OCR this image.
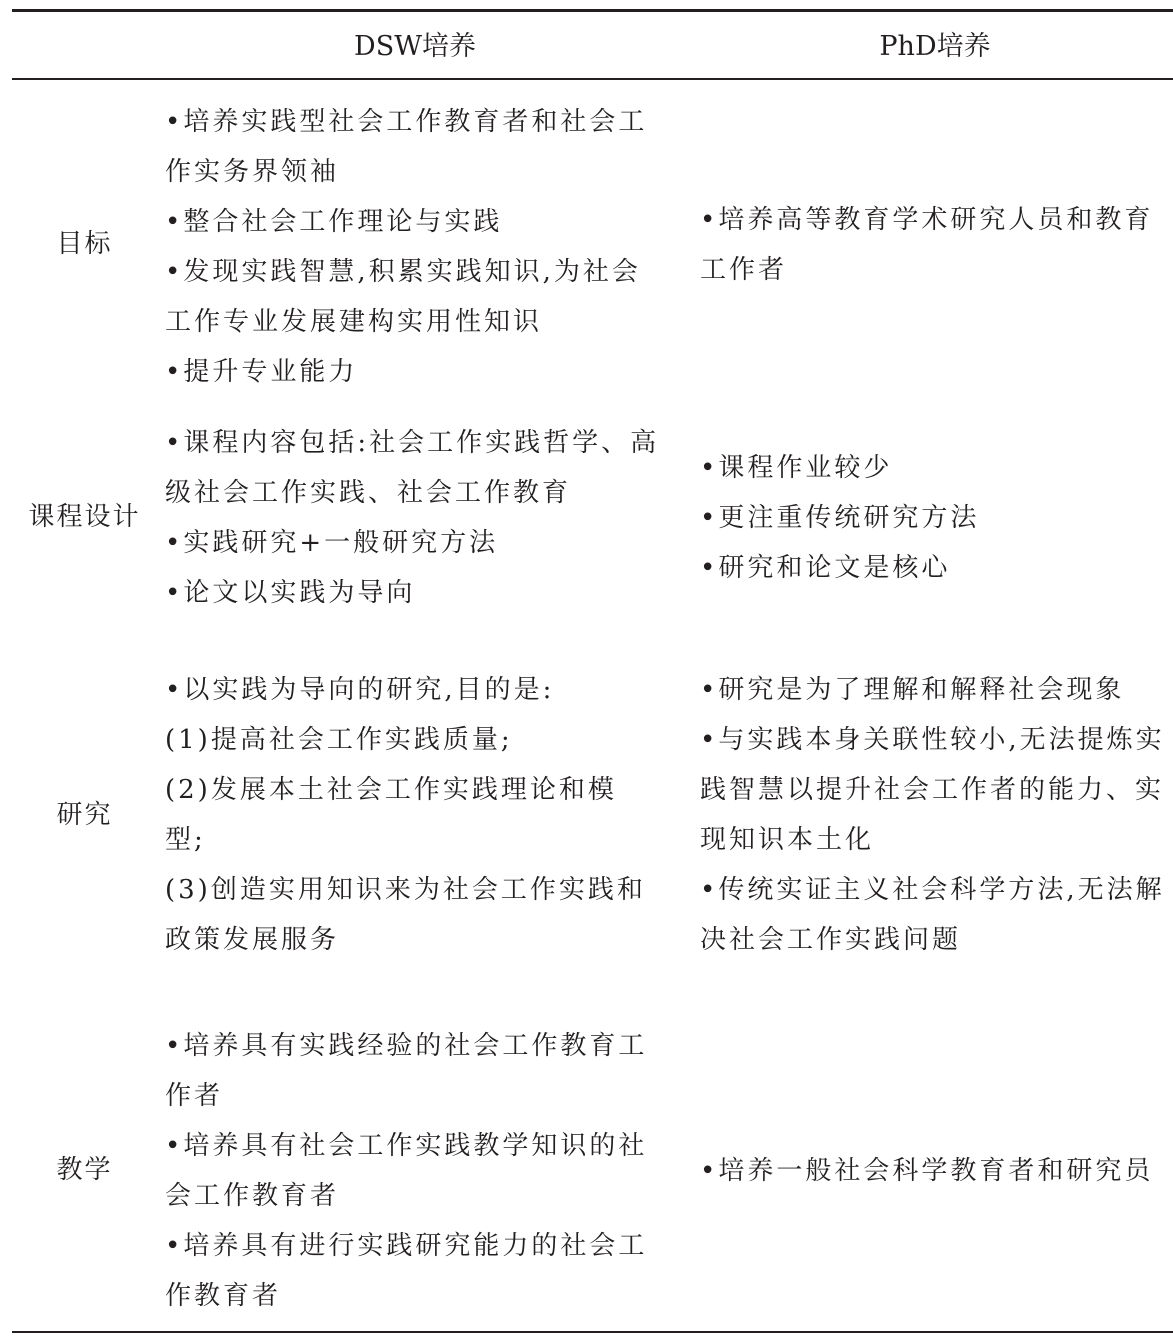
DSW培养	PhD培养
目标
•培养实践型社会工作教育者和社会工
作实务界领袖
•整合社会工作理论与实践
•发现实践智慧,积累实践知识,为社会
工作专业发展建构实用性知识
•提升专业能力
•培养高等教育学术研究人员和教育
工作者
课程设计
•课程内容包括:社会工作实践哲学、高
级社会工作实践、社会工作教育
•实践研究+一般研究方法
•论文以实践为导向
•课程作业较少
•更注重传统研究方法
•研究和论文是核心
研究
•以实践为导向的研究,目的是:
(1)提高社会工作实践质量;
(2)发展本土社会工作实践理论和模
型;
(3)创造实用知识来为社会工作实践和
政策发展服务
•研究是为了理解和解释社会现象
•与实践本身关联性较小,无法提炼实
践智慧以提升社会工作者的能力、实
现知识本土化
•传统实证主义社会科学方法,无法解
决社会工作实践问题
教学
•培养具有实践经验的社会工作教育工
作者
•培养具有社会工作实践教学知识的社
会工作教育者
•培养具有进行实践研究能力的社会工
作教育者
•培养一般社会科学教育者和研究员
